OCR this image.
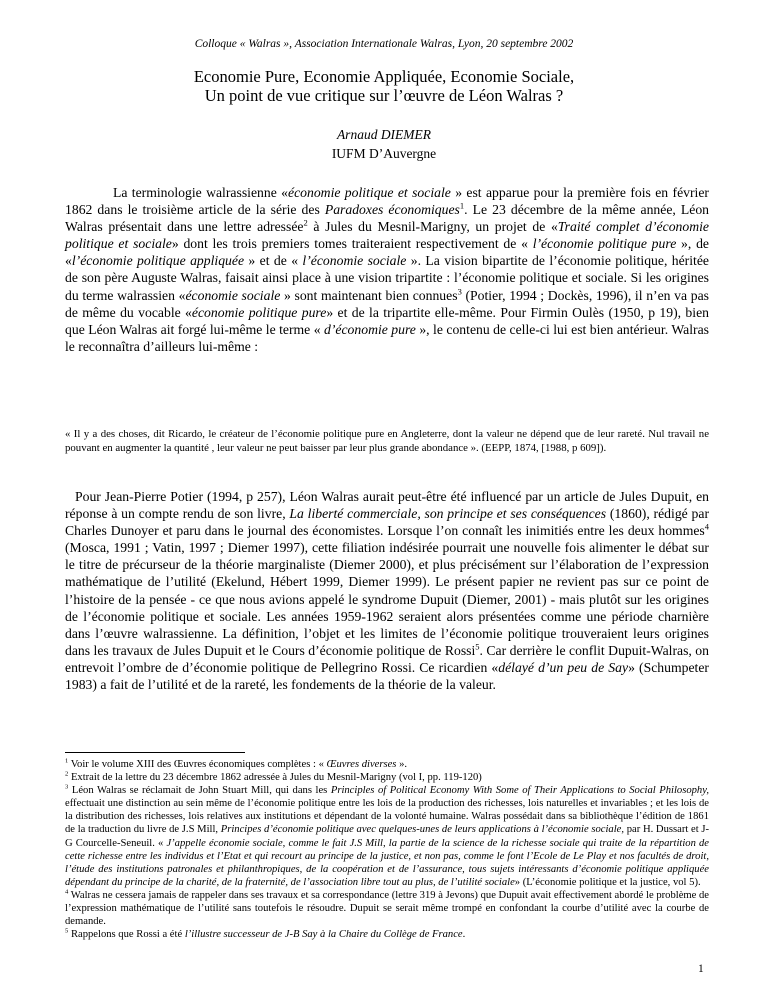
Colloque « Walras », Association Internationale Walras, Lyon, 20 septembre 2002
Economie Pure, Economie Appliquée, Economie Sociale,
Un point de vue critique sur l’œuvre de Léon Walras ?
Arnaud DIEMER
IUFM D’Auvergne
La terminologie walrassienne «économie politique et sociale » est apparue pour la première fois en février 1862 dans le troisième article de la série des Paradoxes économiques$^1$. Le 23 décembre de la même année, Léon Walras présentait dans une lettre adressée$^2$ à Jules du Mesnil-Marigny, un projet de «Traité complet d’économie politique et sociale» dont les trois premiers tomes traiteraient respectivement de « l’économie politique pure », de «l’économie politique appliquée » et de « l’économie sociale ». La vision bipartite de l’économie politique, héritée de son père Auguste Walras, faisait ainsi place à une vision tripartite : l’économie politique et sociale. Si les origines du terme walrassien «économie sociale » sont maintenant bien connues$^3$ (Potier, 1994 ; Dockès, 1996), il n’en va pas de même du vocable «économie politique pure» et de la tripartite elle-même. Pour Firmin Oulès (1950, p 19), bien que Léon Walras ait forgé lui-même le terme « d’économie pure », le contenu de celle-ci lui est bien antérieur. Walras le reconnaîtra d’ailleurs lui-même :
« Il y a des choses, dit Ricardo, le créateur de l’économie politique pure en Angleterre, dont la valeur ne dépend que de leur rareté. Nul travail ne pouvant en augmenter la quantité , leur valeur ne peut baisser par leur plus grande abondance ». (EEPP, 1874, [1988, p 609]).
Pour Jean-Pierre Potier (1994, p 257), Léon Walras aurait peut-être été influencé par un article de Jules Dupuit, en réponse à un compte rendu de son livre, La liberté commerciale, son principe et ses conséquences (1860), rédigé par Charles Dunoyer et paru dans le journal des économistes. Lorsque l’on connaît les inimitiés entre les deux hommes$^4$ (Mosca, 1991 ; Vatin, 1997 ; Diemer 1997), cette filiation indésirée pourrait une nouvelle fois alimenter le débat sur le titre de précurseur de la théorie marginaliste (Diemer 2000), et plus précisément sur l’élaboration de l’expression mathématique de l’utilité (Ekelund, Hébert 1999, Diemer 1999). Le présent papier ne revient pas sur ce point de l’histoire de la pensée - ce que nous avions appelé le syndrome Dupuit (Diemer, 2001) - mais plutôt sur les origines de l’économie politique et sociale. Les années 1959-1962 seraient alors présentées comme une période charnière dans l’œuvre walrassienne. La définition, l’objet et les limites de l’économie politique trouveraient leurs origines dans les travaux de Jules Dupuit et le Cours d’économie politique de Rossi$^5$. Car derrière le conflit Dupuit-Walras, on entrevoit l’ombre de d’économie politique de Pellegrino Rossi. Ce ricardien «délayé d’un peu de Say» (Schumpeter 1983) a fait de l’utilité et de la rareté, les fondements de la théorie de la valeur.

$^1$ Voir le volume XIII des Œuvres économiques complètes : « Œuvres diverses ».

$^2$ Extrait de la lettre du 23 décembre 1862 adressée à Jules du Mesnil-Marigny (vol I, pp. 119-120)

$^3$ Léon Walras se réclamait de John Stuart Mill, qui dans les Principles of Political Economy With Some of Their Applications to Social Philosophy, effectuait une distinction au sein même de l’économie politique entre les lois de la production des richesses, lois naturelles et invariables ; et les lois de la distribution des richesses, lois relatives aux institutions et dépendant de la volonté humaine. Walras possédait dans sa bibliothèque l’édition de 1861 de la traduction du livre de J.S Mill, Principes d’économie politique avec quelques-unes de leurs applications à l’économie sociale, par H. Dussart et J-G Courcelle-Seneuil. « J’appelle économie sociale, comme le fait J.S Mill, la partie de la science de la richesse sociale qui traite de la répartition de cette richesse entre les individus et l’Etat et qui recourt au principe de la justice, et non pas, comme le font l’Ecole de Le Play et nos facultés de droit, l’étude des institutions patronales et philanthropiques, de la coopération et de l’assurance, tous sujets intéressants d’économie politique appliquée dépendant du principe de la charité, de la fraternité, de l’association libre tout au plus, de l’utilité sociale» (L’économie politique et la justice, vol 5).

$^4$ Walras ne cessera jamais de rappeler dans ses travaux et sa correspondance (lettre 319 à Jevons) que Dupuit avait effectivement abordé le problème de l’expression mathématique de l’utilité sans toutefois le résoudre. Dupuit se serait même trompé en confondant la courbe d’utilité avec la courbe de demande.

$^5$ Rappelons que Rossi a été l’illustre successeur de J-B Say à la Chaire du Collège de France.

1
